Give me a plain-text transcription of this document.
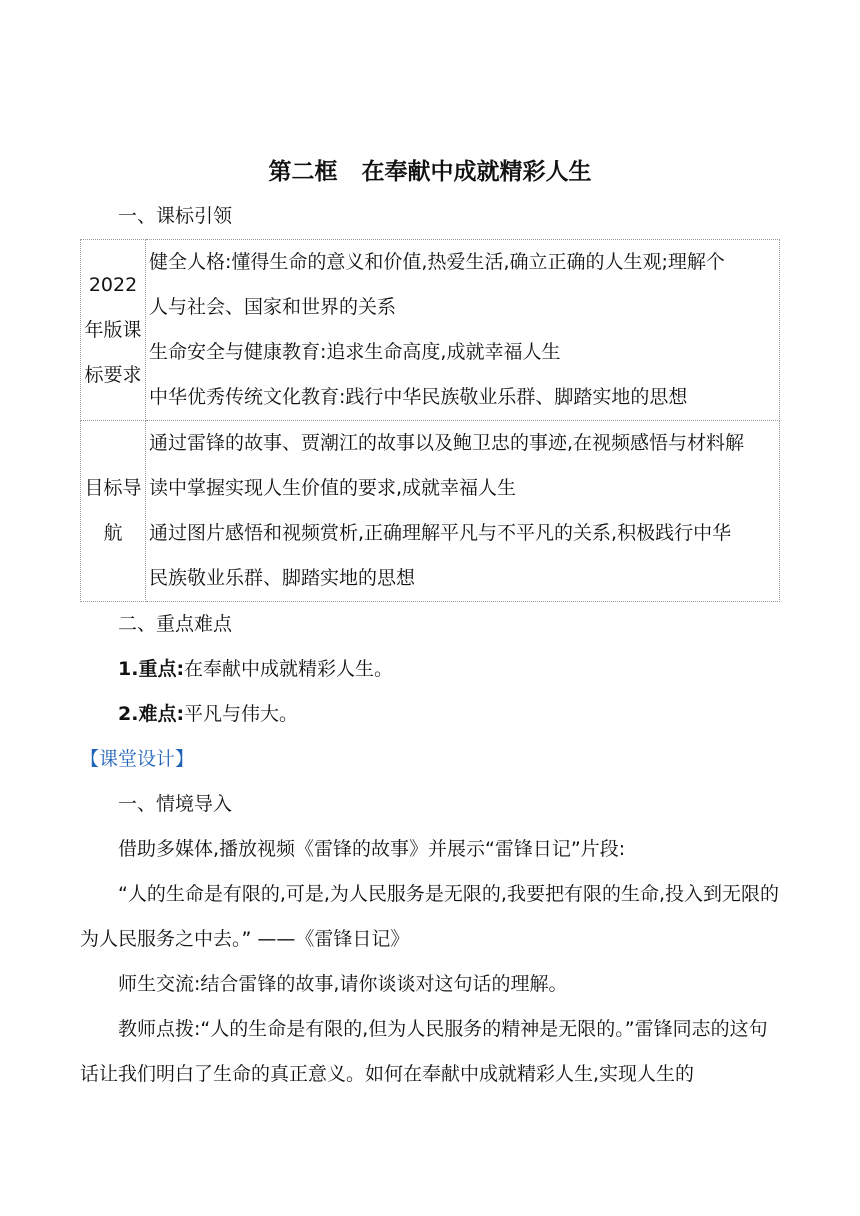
第二框 在奉献中成就精彩人生

一、课标引领

2022年版课标要求	健全人格:懂得生命的意义和价值,热爱生活,确立正确的人生观;理解个
人与社会、国家和世界的关系
生命安全与健康教育:追求生命高度,成就幸福人生
中华优秀传统文化教育:践行中华民族敬业乐群、脚踏实地的思想

目标导航	通过雷锋的故事、贾潮江的故事以及鲍卫忠的事迹,在视频感悟与材料解
读中掌握实现人生价值的要求,成就幸福人生
通过图片感悟和视频赏析,正确理解平凡与不平凡的关系,积极践行中华
民族敬业乐群、脚踏实地的思想

二、重点难点

1.重点:在奉献中成就精彩人生。

2.难点:平凡与伟大。

【课堂设计】

一、情境导入

借助多媒体,播放视频《雷锋的故事》并展示“雷锋日记”片段:

“人的生命是有限的,可是,为人民服务是无限的,我要把有限的生命,投入到无限的为人民服务之中去。” ——《雷锋日记》

师生交流:结合雷锋的故事,请你谈谈对这句话的理解。

教师点拨:“人的生命是有限的,但为人民服务的精神是无限的。”雷锋同志的这句话让我们明白了生命的真正意义。如何在奉献中成就精彩人生,实现人生的
